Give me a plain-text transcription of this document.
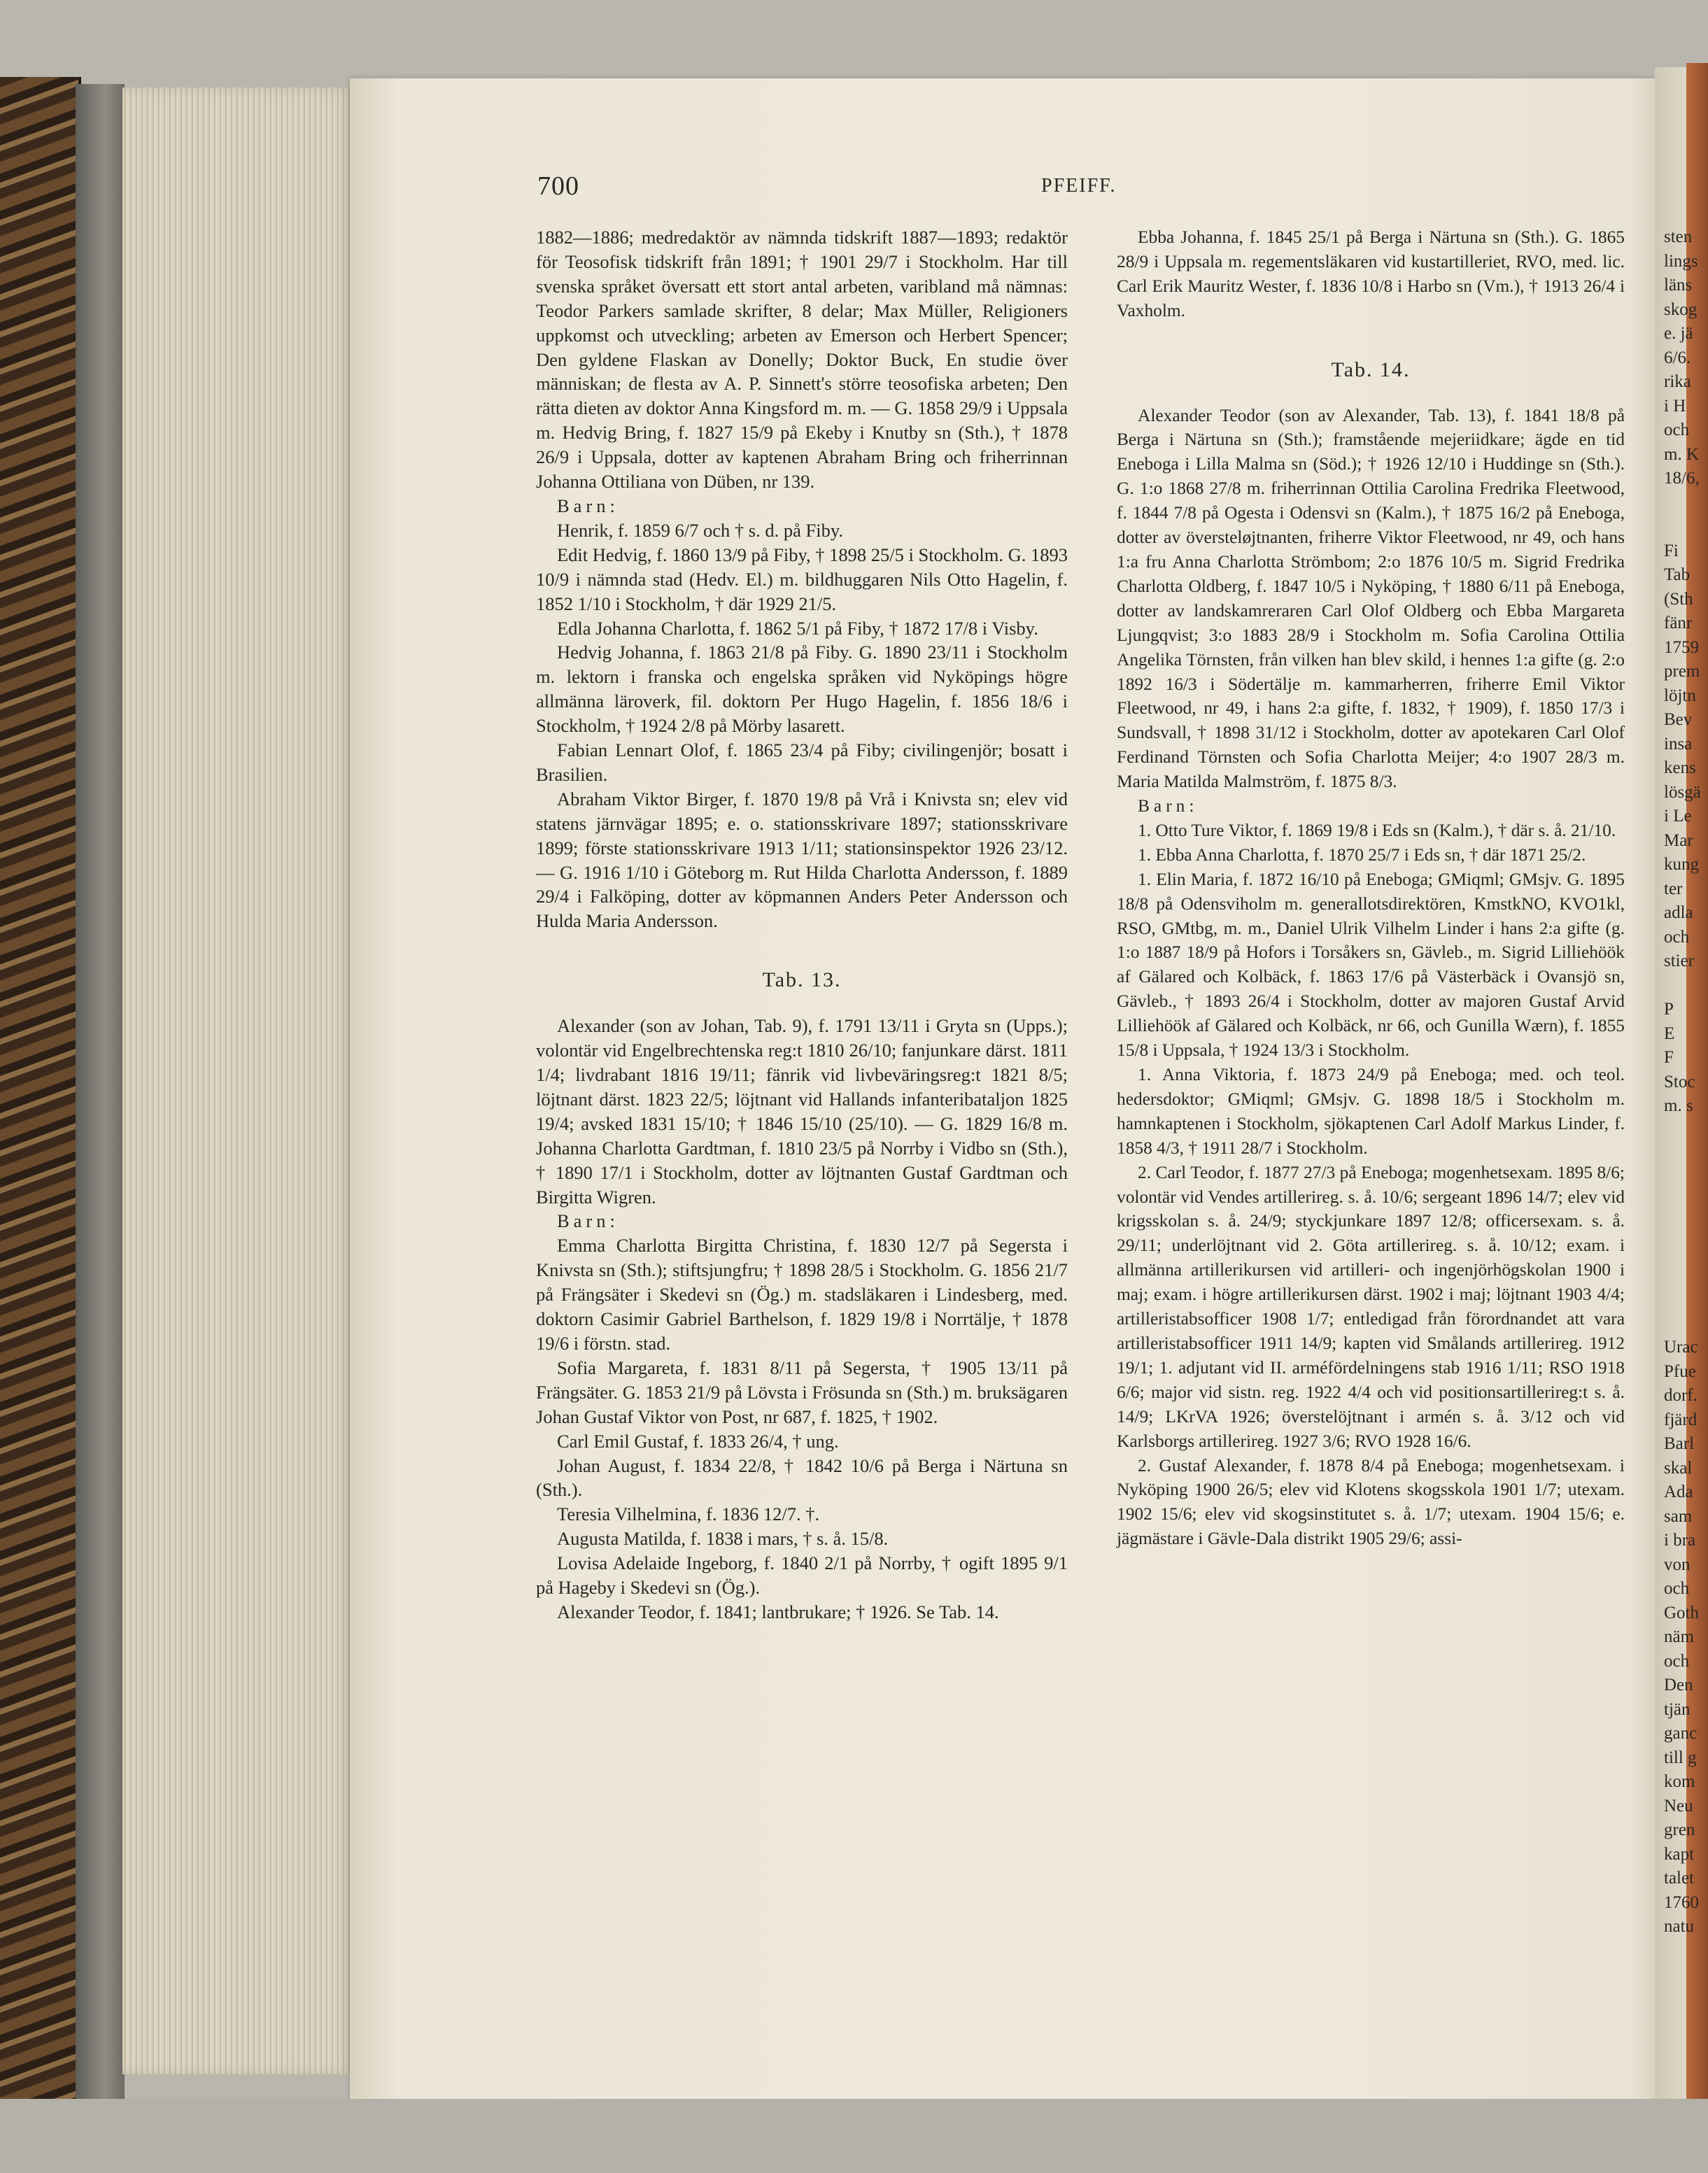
700	PFEIFF.

1882—1886; medredaktör av nämnda tidskrift 1887—1893; redaktör för Teosofisk tidskrift från 1891; † 1901 29/7 i Stockholm. Har till svenska språket översatt ett stort antal arbeten, varibland må nämnas: Teodor Parkers samlade skrifter, 8 delar; Max Müller, Religioners uppkomst och utveckling; arbeten av Emerson och Herbert Spencer; Den gyldene Flaskan av Donelly; Doktor Buck, En studie över människan; de flesta av A. P. Sinnett's större teosofiska arbeten; Den rätta dieten av doktor Anna Kingsford m. m. — G. 1858 29/9 i Uppsala m. Hedvig Bring, f. 1827 15/9 på Ekeby i Knutby sn (Sth.), † 1878 26/9 i Uppsala, dotter av kaptenen Abraham Bring och friherrinnan Johanna Ottiliana von Düben, nr 139.

Barn:

Henrik, f. 1859 6/7 och † s. d. på Fiby.

Edit Hedvig, f. 1860 13/9 på Fiby, † 1898 25/5 i Stockholm. G. 1893 10/9 i nämnda stad (Hedv. El.) m. bildhuggaren Nils Otto Hagelin, f. 1852 1/10 i Stockholm, † där 1929 21/5.

Edla Johanna Charlotta, f. 1862 5/1 på Fiby, † 1872 17/8 i Visby.

Hedvig Johanna, f. 1863 21/8 på Fiby. G. 1890 23/11 i Stockholm m. lektorn i franska och engelska språken vid Nyköpings högre allmänna läroverk, fil. doktorn Per Hugo Hagelin, f. 1856 18/6 i Stockholm, † 1924 2/8 på Mörby lasarett.

Fabian Lennart Olof, f. 1865 23/4 på Fiby; civilingenjör; bosatt i Brasilien.

Abraham Viktor Birger, f. 1870 19/8 på Vrå i Knivsta sn; elev vid statens järnvägar 1895; e. o. stationsskrivare 1897; stationsskrivare 1899; förste stationsskrivare 1913 1/11; stationsinspektor 1926 23/12. — G. 1916 1/10 i Göteborg m. Rut Hilda Charlotta Andersson, f. 1889 29/4 i Falköping, dotter av köpmannen Anders Peter Andersson och Hulda Maria Andersson.

Tab. 13.

Alexander (son av Johan, Tab. 9), f. 1791 13/11 i Gryta sn (Upps.); volontär vid Engelbrechtenska reg:t 1810 26/10; fanjunkare därst. 1811 1/4; livdrabant 1816 19/11; fänrik vid livbeväringsreg:t 1821 8/5; löjtnant därst. 1823 22/5; löjtnant vid Hallands infanteribataljon 1825 19/4; avsked 1831 15/10; † 1846 15/10 (25/10). — G. 1829 16/8 m. Johanna Charlotta Gardtman, f. 1810 23/5 på Norrby i Vidbo sn (Sth.), † 1890 17/1 i Stockholm, dotter av löjtnanten Gustaf Gardtman och Birgitta Wigren.

Barn:

Emma Charlotta Birgitta Christina, f. 1830 12/7 på Segersta i Knivsta sn (Sth.); stiftsjungfru; † 1898 28/5 i Stockholm. G. 1856 21/7 på Frängsäter i Skedevi sn (Ög.) m. stadsläkaren i Lindesberg, med. doktorn Casimir Gabriel Barthelson, f. 1829 19/8 i Norrtälje, † 1878 19/6 i förstn. stad.

Sofia Margareta, f. 1831 8/11 på Segersta, † 1905 13/11 på Frängsäter. G. 1853 21/9 på Lövsta i Frösunda sn (Sth.) m. bruksägaren Johan Gustaf Viktor von Post, nr 687, f. 1825, † 1902.

Carl Emil Gustaf, f. 1833 26/4, † ung.

Johan August, f. 1834 22/8, † 1842 10/6 på Berga i Närtuna sn (Sth.).

Teresia Vilhelmina, f. 1836 12/7. †.

Augusta Matilda, f. 1838 i mars, † s. å. 15/8.

Lovisa Adelaide Ingeborg, f. 1840 2/1 på Norrby, † ogift 1895 9/1 på Hageby i Skedevi sn (Ög.).

Alexander Teodor, f. 1841; lantbrukare; † 1926. Se Tab. 14.

Ebba Johanna, f. 1845 25/1 på Berga i Närtuna sn (Sth.). G. 1865 28/9 i Uppsala m. regementsläkaren vid kustartilleriet, RVO, med. lic. Carl Erik Mauritz Wester, f. 1836 10/8 i Harbo sn (Vm.), † 1913 26/4 i Vaxholm.

Tab. 14.

Alexander Teodor (son av Alexander, Tab. 13), f. 1841 18/8 på Berga i Närtuna sn (Sth.); framstående mejeriidkare; ägde en tid Eneboga i Lilla Malma sn (Söd.); † 1926 12/10 i Huddinge sn (Sth.). G. 1:o 1868 27/8 m. friherrinnan Ottilia Carolina Fredrika Fleetwood, f. 1844 7/8 på Ogesta i Odensvi sn (Kalm.), † 1875 16/2 på Eneboga, dotter av översteløjtnanten, friherre Viktor Fleetwood, nr 49, och hans 1:a fru Anna Charlotta Strömbom; 2:o 1876 10/5 m. Sigrid Fredrika Charlotta Oldberg, f. 1847 10/5 i Nyköping, † 1880 6/11 på Eneboga, dotter av landskamreraren Carl Olof Oldberg och Ebba Margareta Ljungqvist; 3:o 1883 28/9 i Stockholm m. Sofia Carolina Ottilia Angelika Törnsten, från vilken han blev skild, i hennes 1:a gifte (g. 2:o 1892 16/3 i Södertälje m. kammarherren, friherre Emil Viktor Fleetwood, nr 49, i hans 2:a gifte, f. 1832, † 1909), f. 1850 17/3 i Sundsvall, † 1898 31/12 i Stockholm, dotter av apotekaren Carl Olof Ferdinand Törnsten och Sofia Charlotta Meijer; 4:o 1907 28/3 m. Maria Matilda Malmström, f. 1875 8/3.

Barn:

1. Otto Ture Viktor, f. 1869 19/8 i Eds sn (Kalm.), † där s. å. 21/10.

1. Ebba Anna Charlotta, f. 1870 25/7 i Eds sn, † där 1871 25/2.

1. Elin Maria, f. 1872 16/10 på Eneboga; GMiqml; GMsjv. G. 1895 18/8 på Odensviholm m. generallotsdirektören, KmstkNO, KVO1kl, RSO, GMtbg, m. m., Daniel Ulrik Vilhelm Linder i hans 2:a gifte (g. 1:o 1887 18/9 på Hofors i Torsåkers sn, Gävleb., m. Sigrid Lilliehöök af Gälared och Kolbäck, f. 1863 17/6 på Västerbäck i Ovansjö sn, Gävleb., † 1893 26/4 i Stockholm, dotter av majoren Gustaf Arvid Lilliehöök af Gälared och Kolbäck, nr 66, och Gunilla Wærn), f. 1855 15/8 i Uppsala, † 1924 13/3 i Stockholm.

1. Anna Viktoria, f. 1873 24/9 på Eneboga; med. och teol. hedersdoktor; GMiqml; GMsjv. G. 1898 18/5 i Stockholm m. hamnkaptenen i Stockholm, sjökaptenen Carl Adolf Markus Linder, f. 1858 4/3, † 1911 28/7 i Stockholm.

2. Carl Teodor, f. 1877 27/3 på Eneboga; mogenhetsexam. 1895 8/6; volontär vid Vendes artillerireg. s. å. 10/6; sergeant 1896 14/7; elev vid krigsskolan s. å. 24/9; styckjunkare 1897 12/8; officersexam. s. å. 29/11; underlöjtnant vid 2. Göta artillerireg. s. å. 10/12; exam. i allmänna artillerikursen vid artilleri- och ingenjörhögskolan 1900 i maj; exam. i högre artillerikursen därst. 1902 i maj; löjtnant 1903 4/4; artilleristabsofficer 1908 1/7; entledigad från förordnandet att vara artilleristabsofficer 1911 14/9; kapten vid Smålands artillerireg. 1912 19/1; 1. adjutant vid II. arméfördelningens stab 1916 1/11; RSO 1918 6/6; major vid sistn. reg. 1922 4/4 och vid positionsartillerireg:t s. å. 14/9; LKrVA 1926; överstelöjtnant i armén s. å. 3/12 och vid Karlsborgs artillerireg. 1927 3/6; RVO 1928 16/6.

2. Gustaf Alexander, f. 1878 8/4 på Eneboga; mogenhetsexam. i Nyköping 1900 26/5; elev vid Klotens skogsskola 1901 1/7; utexam. 1902 15/6; elev vid skogsinstitutet s. å. 1/7; utexam. 1904 15/6; e. jägmästare i Gävle-Dala distrikt 1905 29/6; assi-

sten
lings
läns
skog
e. jä
6/6.
rika
i H
och
m. K
18/6,

Fi
Tab
(Sth
fänr
1759
prem
löjtn
Bev
insa
kens
lösgä
i Le
Mar
kung
ter
adla
och
stier

P
E
F
Stoc
m. s

Urac
Pfue
dorf.
fjärd
Barl
skal
Ada
sam
i bra
von
och
Goth
näm
och
Den
tjän
ganc
till g
kom
Neu
gren
kapt
talet
1760
natu
